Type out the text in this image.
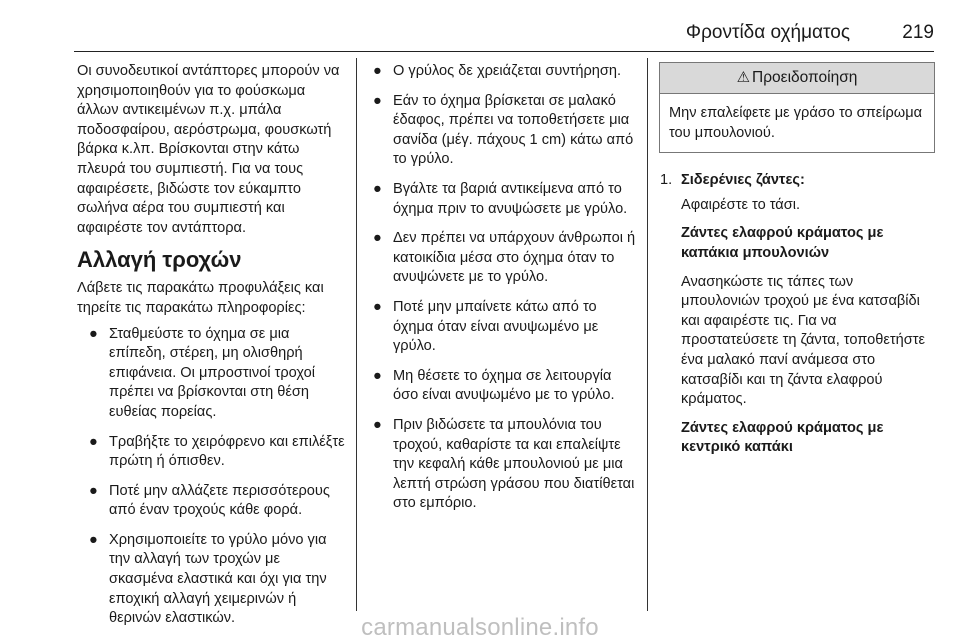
Φροντίδα οχήματος	219

Οι συνοδευτικοί αντάπτορες μπορούν να χρησιμοποιηθούν για το φούσκωμα άλλων αντικειμένων π.χ. μπάλα ποδοσφαίρου, αερόστρωμα, φουσκωτή βάρκα κ.λπ. Βρίσκονται στην κάτω πλευρά του συμπιεστή. Για να τους αφαιρέσετε, βιδώστε τον εύκαμπτο σωλήνα αέρα του συμπιεστή και αφαιρέστε τον αντάπτορα.

Αλλαγή τροχών

Λάβετε τις παρακάτω προφυλάξεις και τηρείτε τις παρακάτω πληροφορίες:

● Σταθμεύστε το όχημα σε μια επίπεδη, στέρεη, μη ολισθηρή επιφάνεια. Οι μπροστινοί τροχοί πρέπει να βρίσκονται στη θέση ευθείας πορείας.
● Τραβήξτε το χειρόφρενο και επιλέξτε πρώτη ή όπισθεν.
● Ποτέ μην αλλάζετε περισσότερους από έναν τροχούς κάθε φορά.
● Χρησιμοποιείτε το γρύλο μόνο για την αλλαγή των τροχών με σκασμένα ελαστικά και όχι για την εποχική αλλαγή χειμερινών ή θερινών ελαστικών.
● Ο γρύλος δε χρειάζεται συντήρηση.
● Εάν το όχημα βρίσκεται σε μαλακό έδαφος, πρέπει να τοποθετήσετε μια σανίδα (μέγ. πάχους 1 cm) κάτω από το γρύλο.
● Βγάλτε τα βαριά αντικείμενα από το όχημα πριν το ανυψώσετε με γρύλο.
● Δεν πρέπει να υπάρχουν άνθρωποι ή κατοικίδια μέσα στο όχημα όταν το ανυψώνετε με το γρύλο.
● Ποτέ μην μπαίνετε κάτω από το όχημα όταν είναι ανυψωμένο με γρύλο.
● Μη θέσετε το όχημα σε λειτουργία όσο είναι ανυψωμένο με το γρύλο.
● Πριν βιδώσετε τα μπουλόνια του τροχού, καθαρίστε τα και επαλείψτε την κεφαλή κάθε μπουλονιού με μια λεπτή στρώση γράσου που διατίθεται στο εμπόριο.
⚠ Προειδοποίηση
Μην επαλείφετε με γράσο το σπείρωμα του μπουλονιού.
1. Σιδερένιες ζάντες:

Αφαιρέστε το τάσι.

Ζάντες ελαφρού κράματος με καπάκια μπουλονιών

Ανασηκώστε τις τάπες των μπουλονιών τροχού με ένα κατσαβίδι και αφαιρέστε τις. Για να προστατεύσετε τη ζάντα, τοποθετήστε ένα μαλακό πανί ανάμεσα στο κατσαβίδι και τη ζάντα ελαφρού κράματος.

Ζάντες ελαφρού κράματος με κεντρικό καπάκι

carmanualsonline.info
